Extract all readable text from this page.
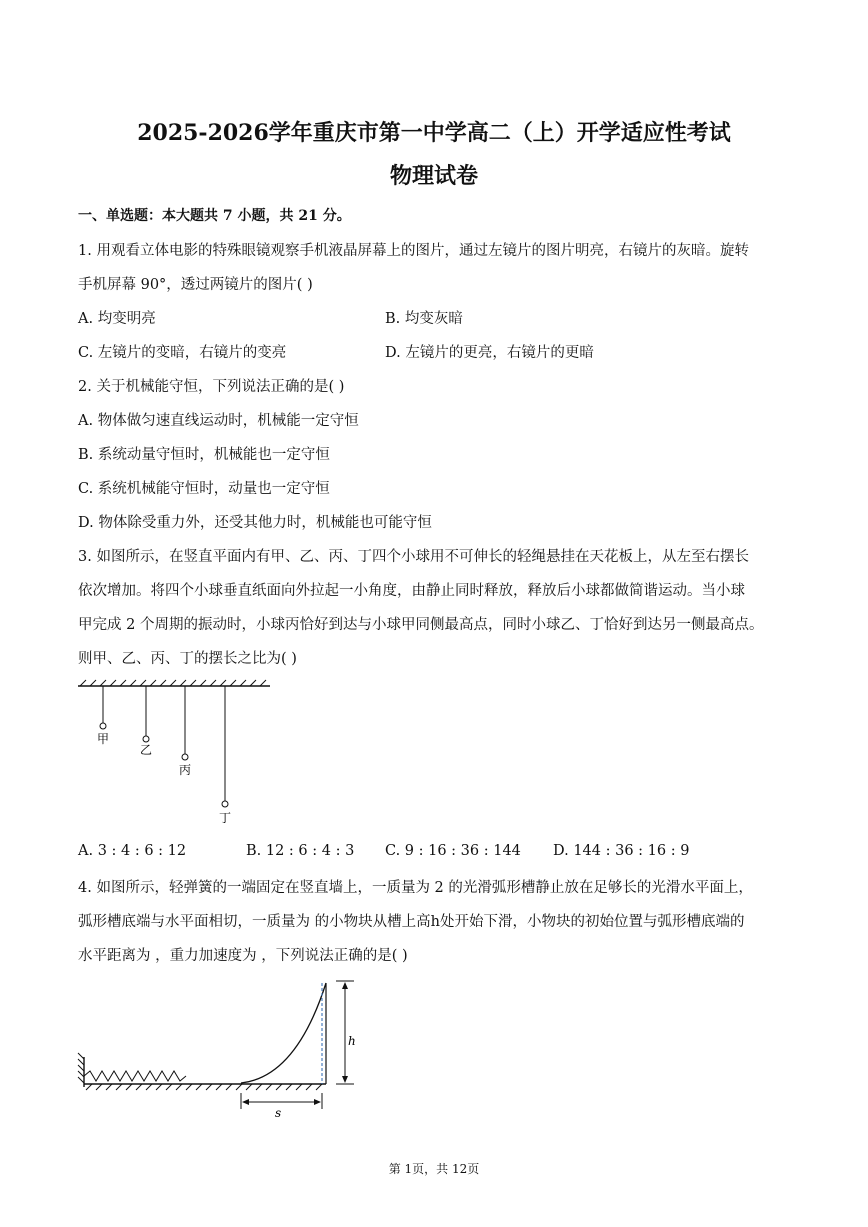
2025-2026学年重庆市第一中学高二（上）开学适应性考试
物理试卷
一、单选题：本大题共 7 小题，共 21 分。
1. 用观看立体电影的特殊眼镜观察手机液晶屏幕上的图片，通过左镜片的图片明亮，右镜片的灰暗。旋转
手机屏幕 90°，透过两镜片的图片( )
A. 均变明亮	B. 均变灰暗
C. 左镜片的变暗，右镜片的变亮	D. 左镜片的更亮，右镜片的更暗
2. 关于机械能守恒，下列说法正确的是( )
A. 物体做匀速直线运动时，机械能一定守恒
B. 系统动量守恒时，机械能也一定守恒
C. 系统机械能守恒时，动量也一定守恒
D. 物体除受重力外，还受其他力时，机械能也可能守恒
3. 如图所示，在竖直平面内有甲、乙、丙、丁四个小球用不可伸长的轻绳悬挂在天花板上，从左至右摆长
依次增加。将四个小球垂直纸面向外拉起一小角度，由静止同时释放，释放后小球都做简谐运动。当小球
甲完成 2 个周期的振动时，小球丙恰好到达与小球甲同侧最高点，同时小球乙、丁恰好到达另一侧最高点。
则甲、乙、丙、丁的摆长之比为( )
甲
乙
丙
丁
A. 3 : 4 : 6 : 12	B. 12 : 6 : 4 : 3 C. 9 : 16 : 36 : 144 D. 144 : 36 : 16 : 9
4. 如图所示，轻弹簧的一端固定在竖直墙上，一质量为 2 的光滑弧形槽静止放在足够长的光滑水平面上，
弧形槽底端与水平面相切，一质量为 的小物块从槽上高h处开始下滑，小物块的初始位置与弧形槽底端的
水平距离为 ，重力加速度为 ，下列说法正确的是( )
h
s
第 1页，共 12页
